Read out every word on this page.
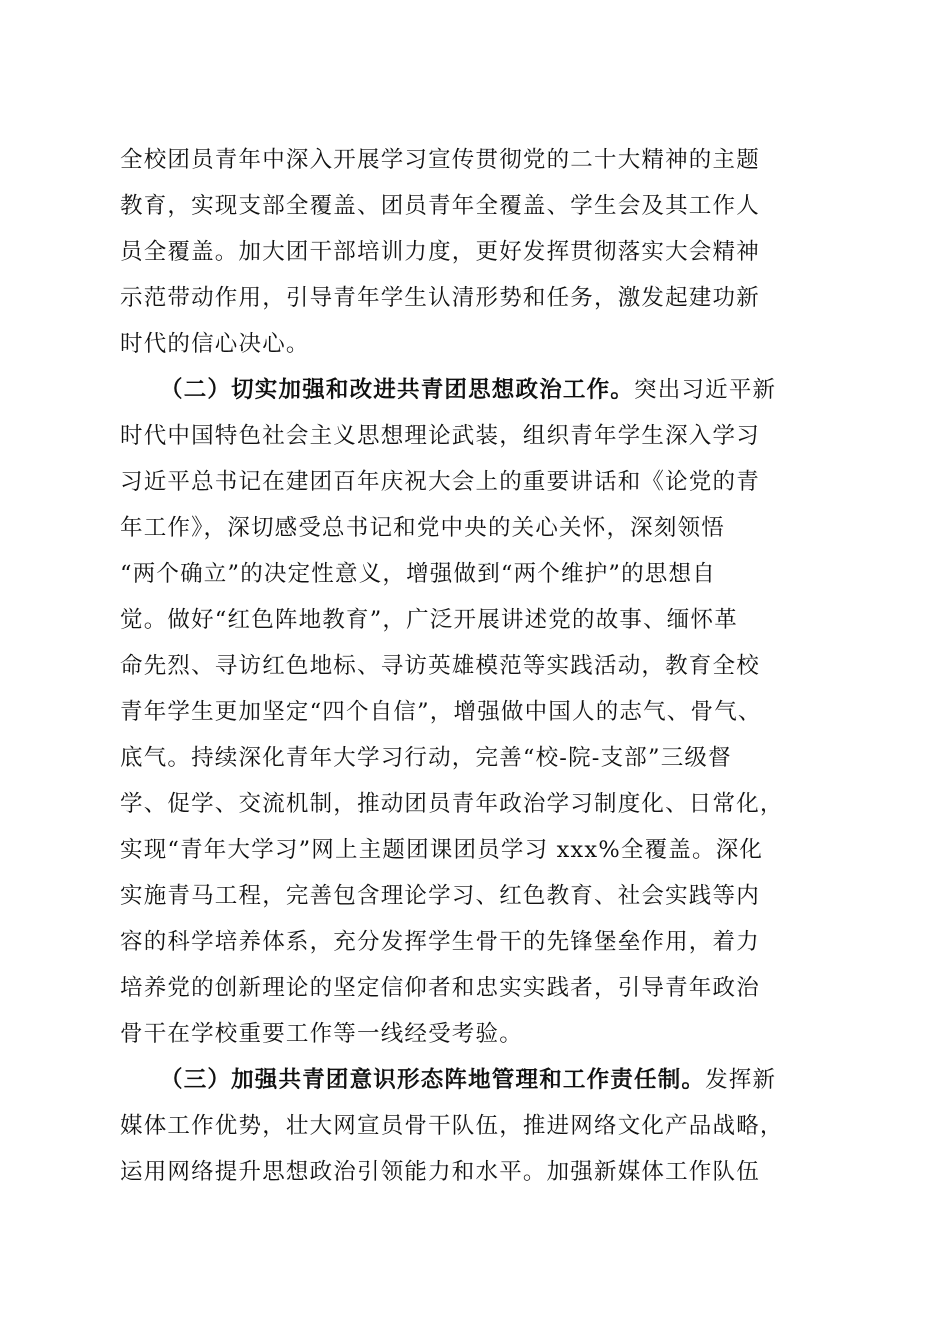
全校团员青年中深入开展学习宣传贯彻党的二十大精神的主题
教育，实现支部全覆盖、团员青年全覆盖、学生会及其工作人
员全覆盖。加大团干部培训力度，更好发挥贯彻落实大会精神
示范带动作用，引导青年学生认清形势和任务，激发起建功新
时代的信心决心。
（二）切实加强和改进共青团思想政治工作。突出习近平新
时代中国特色社会主义思想理论武装，组织青年学生深入学习
习近平总书记在建团百年庆祝大会上的重要讲话和《论党的青
年工作》，深切感受总书记和党中央的关心关怀，深刻领悟
“两个确立”的决定性意义，增强做到“两个维护”的思想自
觉。做好“红色阵地教育”，广泛开展讲述党的故事、缅怀革
命先烈、寻访红色地标、寻访英雄模范等实践活动，教育全校
青年学生更加坚定“四个自信”，增强做中国人的志气、骨气、
底气。持续深化青年大学习行动，完善“校-院-支部”三级督
学、促学、交流机制，推动团员青年政治学习制度化、日常化，
实现“青年大学习”网上主题团课团员学习 xxx%全覆盖。深化
实施青马工程，完善包含理论学习、红色教育、社会实践等内
容的科学培养体系，充分发挥学生骨干的先锋堡垒作用，着力
培养党的创新理论的坚定信仰者和忠实实践者，引导青年政治
骨干在学校重要工作等一线经受考验。
（三）加强共青团意识形态阵地管理和工作责任制。发挥新
媒体工作优势，壮大网宣员骨干队伍，推进网络文化产品战略，
运用网络提升思想政治引领能力和水平。加强新媒体工作队伍
